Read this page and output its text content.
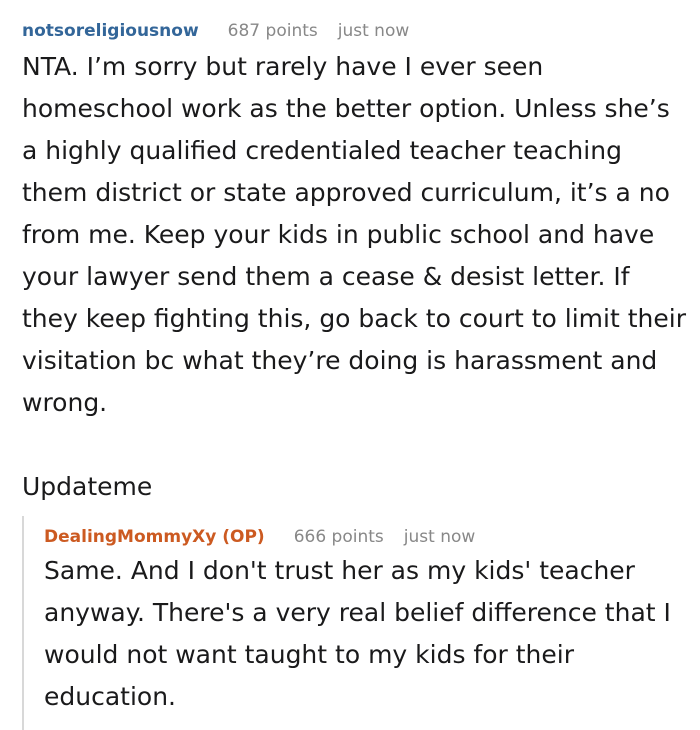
notsoreligiousnow 687 points just now
NTA. I’m sorry but rarely have I ever seen homeschool work as the better option. Unless she’s a highly qualified credentialed teacher teaching them district or state approved curriculum, it’s a no from me. Keep your kids in public school and have your lawyer send them a cease & desist letter. If they keep fighting this, go back to court to limit their visitation bc what they’re doing is harassment and wrong.
Updateme
DealingMommyXy (OP) 666 points just now
Same. And I don't trust her as my kids' teacher anyway. There's a very real belief difference that I would not want taught to my kids for their education.
